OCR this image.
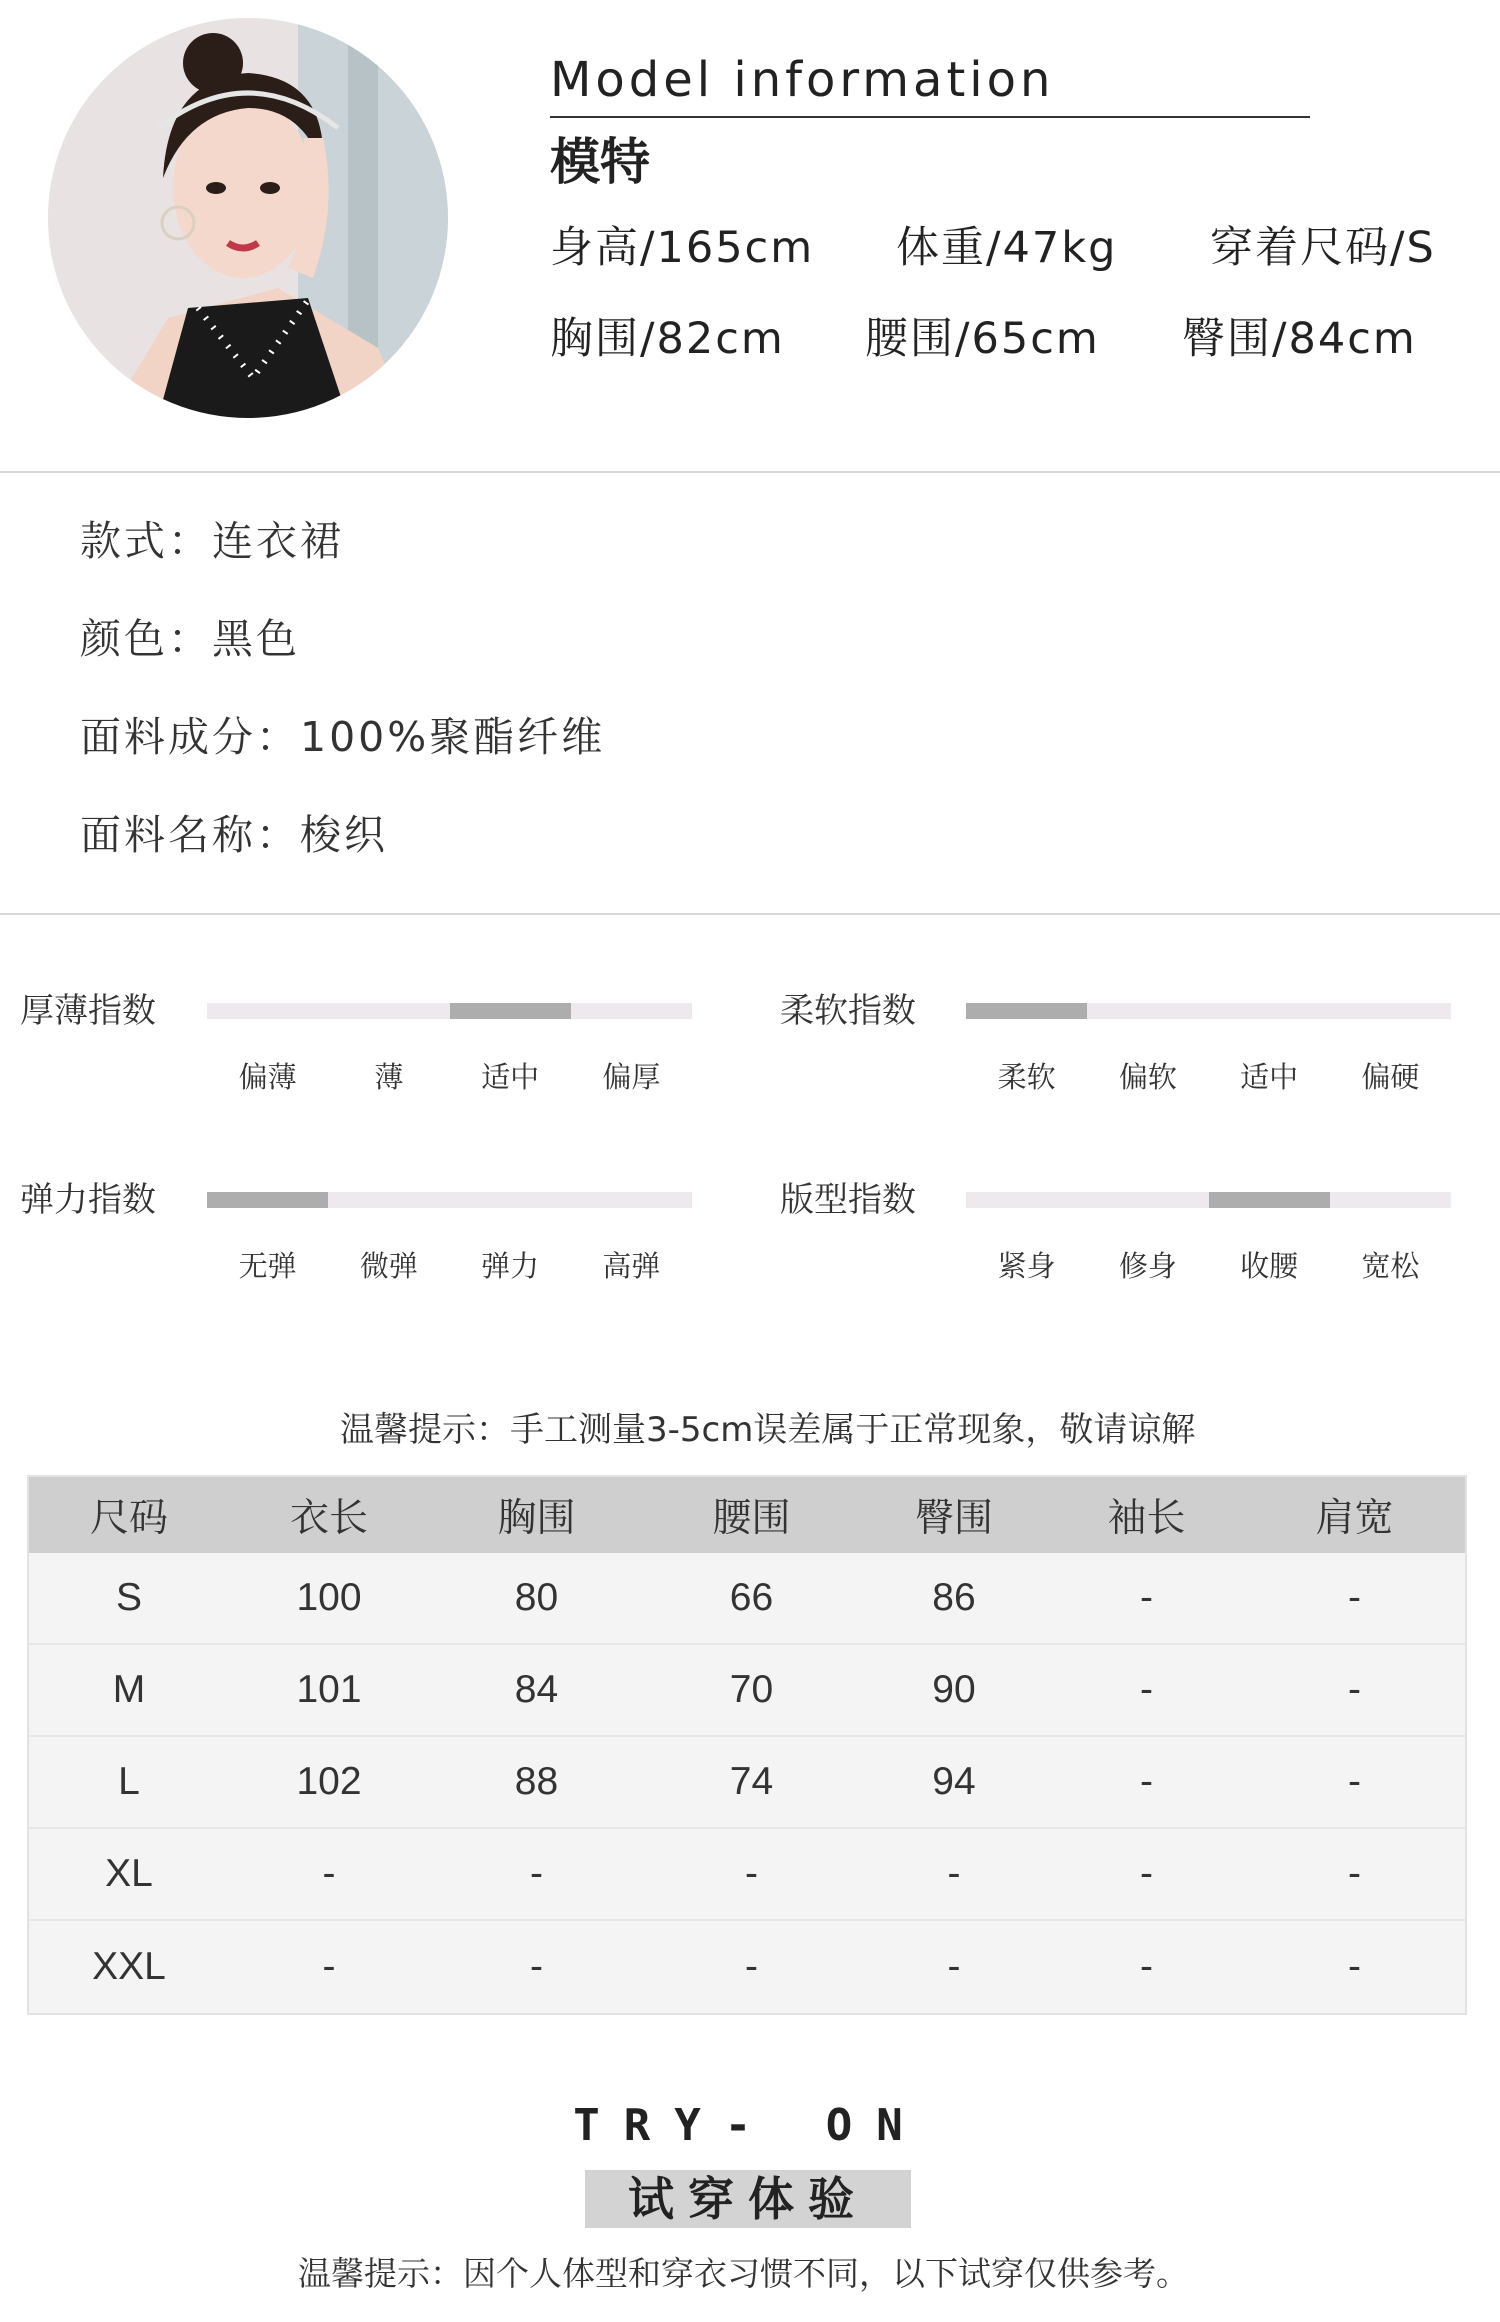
Model information
模特
身高/165cm 体重/47kg 穿着尺码/S
胸围/82cm 腰围/65cm 臀围/84cm
款式：连衣裙
颜色：黑色
面料成分：100%聚酯纤维
面料名称：梭织
厚薄指数
偏薄	薄	适中	偏厚
柔软指数
柔软	偏软	适中	偏硬
弹力指数
无弹	微弹	弹力	高弹
版型指数
紧身	修身	收腰	宽松
温馨提示：手工测量3-5cm误差属于正常现象，敬请谅解
尺码	衣长	胸围	腰围	臀围	袖长	肩宽
S	100	80	66	86	-	-
M	101	84	70	90	-	-
L	102	88	74	94	-	-
XL	-	-	-	-	-	-
XXL	-	-	-	-	-	-
TRY- ON
试穿体验
温馨提示：因个人体型和穿衣习惯不同，以下试穿仅供参考。
